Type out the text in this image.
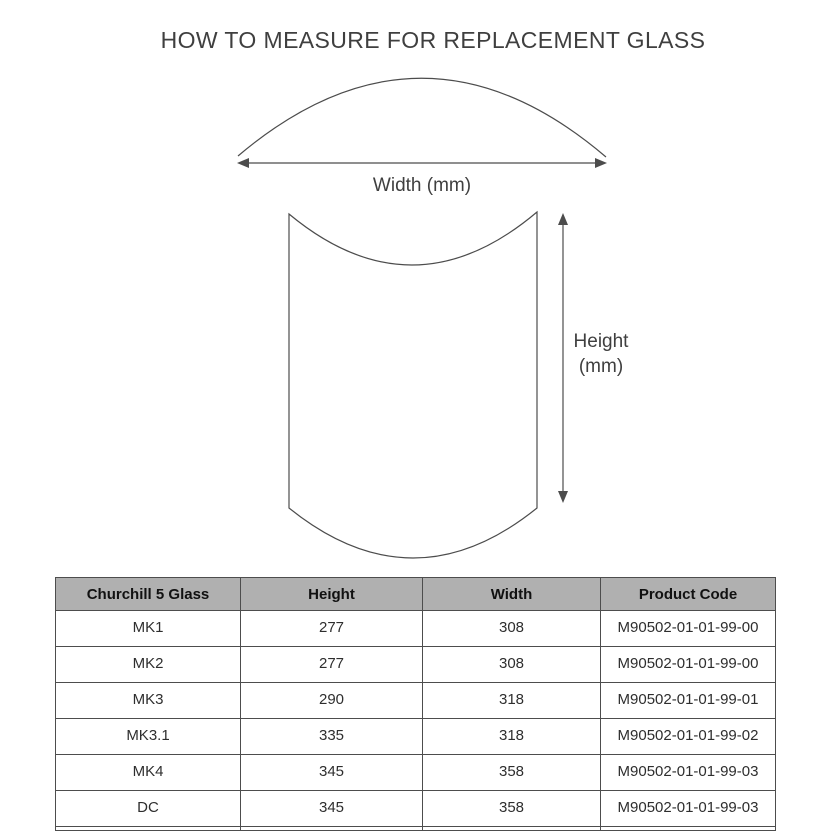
HOW TO MEASURE FOR REPLACEMENT GLASS
Width (mm)
Height
(mm)
Churchill 5 Glass	Height	Width	Product Code
MK1	277	308	M90502-01-01-99-00
MK2	277	308	M90502-01-01-99-00
MK3	290	318	M90502-01-01-99-01
MK3.1	335	318	M90502-01-01-99-02
MK4	345	358	M90502-01-01-99-03
DC	345	358	M90502-01-01-99-03
